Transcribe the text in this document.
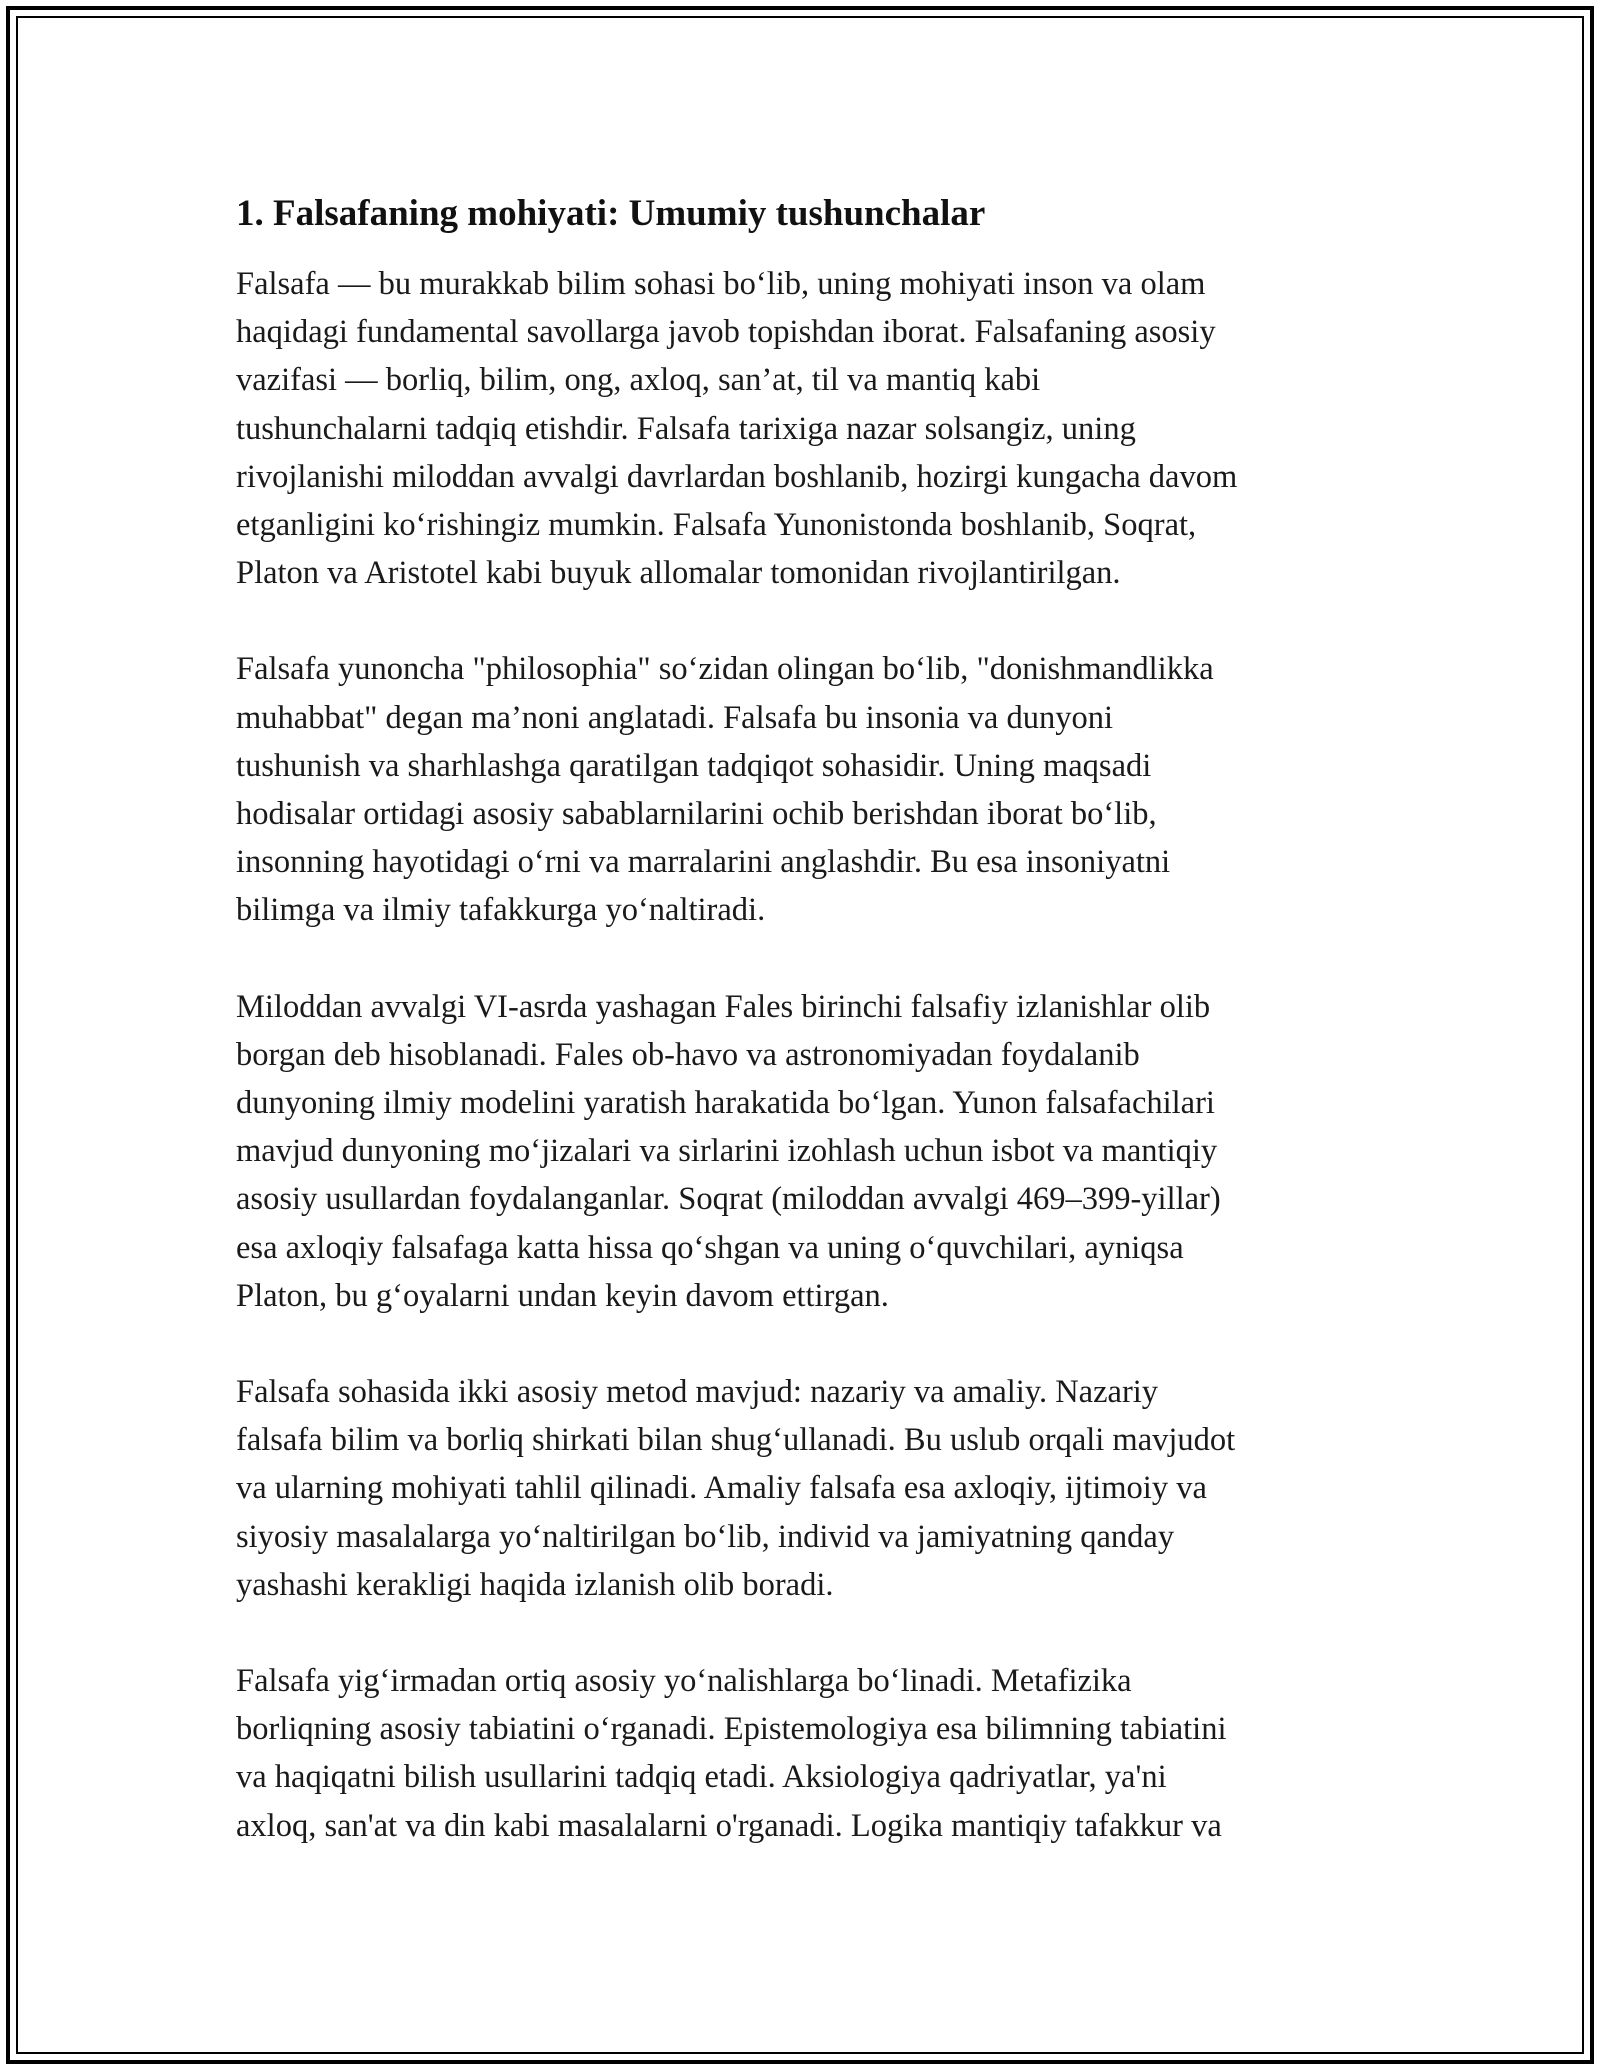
1. Falsafaning mohiyati: Umumiy tushunchalar

Falsafa — bu murakkab bilim sohasi bo‘lib, uning mohiyati inson va olam
haqidagi fundamental savollarga javob topishdan iborat. Falsafaning asosiy
vazifasi — borliq, bilim, ong, axloq, san’at, til va mantiq kabi
tushunchalarni tadqiq etishdir. Falsafa tarixiga nazar solsangiz, uning
rivojlanishi miloddan avvalgi davrlardan boshlanib, hozirgi kungacha davom
etganligini ko‘rishingiz mumkin. Falsafa Yunonistonda boshlanib, Soqrat,
Platon va Aristotel kabi buyuk allomalar tomonidan rivojlantirilgan.

Falsafa yunoncha "philosophia" so‘zidan olingan bo‘lib, "donishmandlikka
muhabbat" degan ma’noni anglatadi. Falsafa bu insonia va dunyoni
tushunish va sharhlashga qaratilgan tadqiqot sohasidir. Uning maqsadi
hodisalar ortidagi asosiy sabablarnilarini ochib berishdan iborat bo‘lib,
insonning hayotidagi o‘rni va marralarini anglashdir. Bu esa insoniyatni
bilimga va ilmiy tafakkurga yo‘naltiradi.

Miloddan avvalgi VI-asrda yashagan Fales birinchi falsafiy izlanishlar olib
borgan deb hisoblanadi. Fales ob-havo va astronomiyadan foydalanib
dunyoning ilmiy modelini yaratish harakatida bo‘lgan. Yunon falsafachilari
mavjud dunyoning mo‘jizalari va sirlarini izohlash uchun isbot va mantiqiy
asosiy usullardan foydalanganlar. Soqrat (miloddan avvalgi 469–399-yillar)
esa axloqiy falsafaga katta hissa qo‘shgan va uning o‘quvchilari, ayniqsa
Platon, bu g‘oyalarni undan keyin davom ettirgan.

Falsafa sohasida ikki asosiy metod mavjud: nazariy va amaliy. Nazariy
falsafa bilim va borliq shirkati bilan shug‘ullanadi. Bu uslub orqali mavjudot
va ularning mohiyati tahlil qilinadi. Amaliy falsafa esa axloqiy, ijtimoiy va
siyosiy masalalarga yo‘naltirilgan bo‘lib, individ va jamiyatning qanday
yashashi kerakligi haqida izlanish olib boradi.

Falsafa yig‘irmadan ortiq asosiy yo‘nalishlarga bo‘linadi. Metafizika
borliqning asosiy tabiatini o‘rganadi. Epistemologiya esa bilimning tabiatini
va haqiqatni bilish usullarini tadqiq etadi. Aksiologiya qadriyatlar, ya'ni
axloq, san'at va din kabi masalalarni o'rganadi. Logika mantiqiy tafakkur va
